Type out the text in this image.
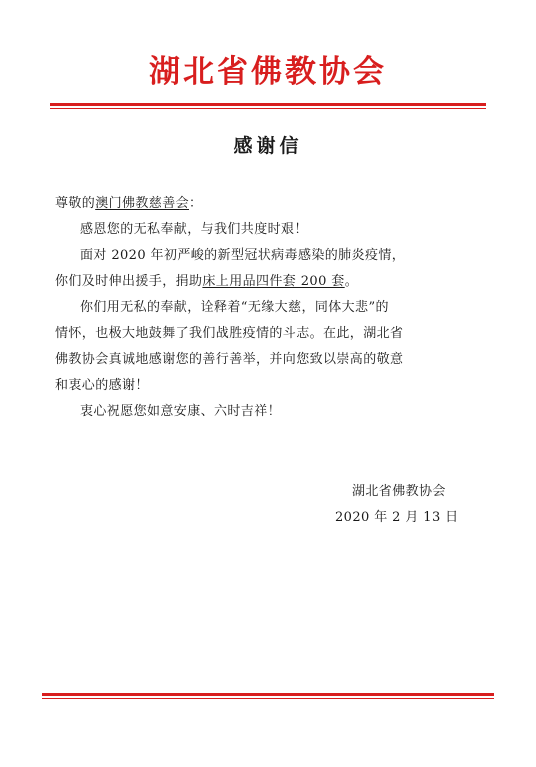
湖北省佛教协会
感谢信
尊敬的澳门佛教慈善会：
感恩您的无私奉献，与我们共度时艰！
面对 2020 年初严峻的新型冠状病毒感染的肺炎疫情，
你们及时伸出援手，捐助床上用品四件套 200 套。
你们用无私的奉献，诠释着“无缘大慈，同体大悲”的
情怀，也极大地鼓舞了我们战胜疫情的斗志。在此，湖北省
佛教协会真诚地感谢您的善行善举，并向您致以崇高的敬意
和衷心的感谢！
衷心祝愿您如意安康、六时吉祥！
湖北省佛教协会
2020 年 2 月 13 日
